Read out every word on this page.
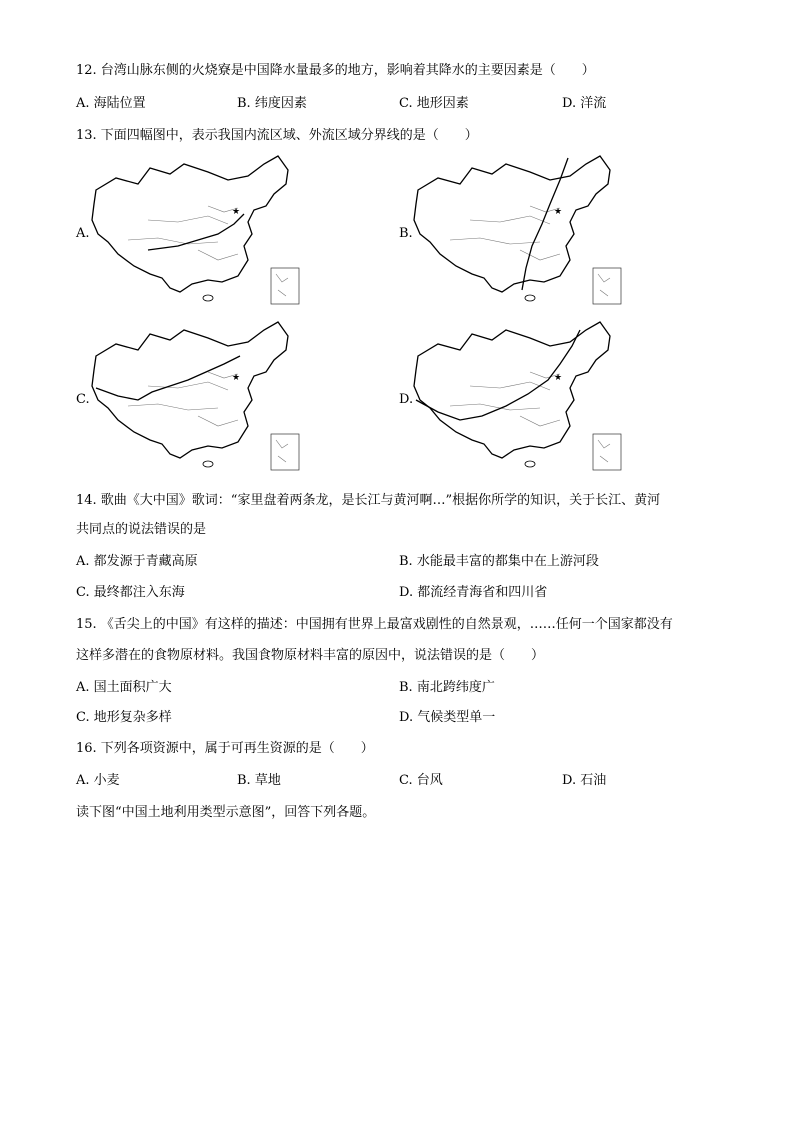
12. 台湾山脉东侧的火烧寮是中国降水量最多的地方，影响着其降水的主要因素是（　　）
A. 海陆位置	B. 纬度因素	C. 地形因素	D. 洋流
13. 下面四幅图中，表示我国内流区域、外流区域分界线的是（　　）
A.
★
B.
★
C.
★
D.
★
14. 歌曲《大中国》歌词：“家里盘着两条龙，是长江与黄河啊…”根据你所学的知识，关于长江、黄河
共同点的说法错误的是
A. 都发源于青藏高原	B. 水能最丰富的都集中在上游河段
C. 最终都注入东海	D. 都流经青海省和四川省
15. 《舌尖上的中国》有这样的描述：中国拥有世界上最富戏剧性的自然景观，……任何一个国家都没有
这样多潜在的食物原材料。我国食物原材料丰富的原因中，说法错误的是（　　）
A. 国土面积广大	B. 南北跨纬度广
C. 地形复杂多样	D. 气候类型单一
16. 下列各项资源中，属于可再生资源的是（　　）
A. 小麦	B. 草地	C. 台风	D. 石油
读下图“中国土地利用类型示意图”，回答下列各题。
